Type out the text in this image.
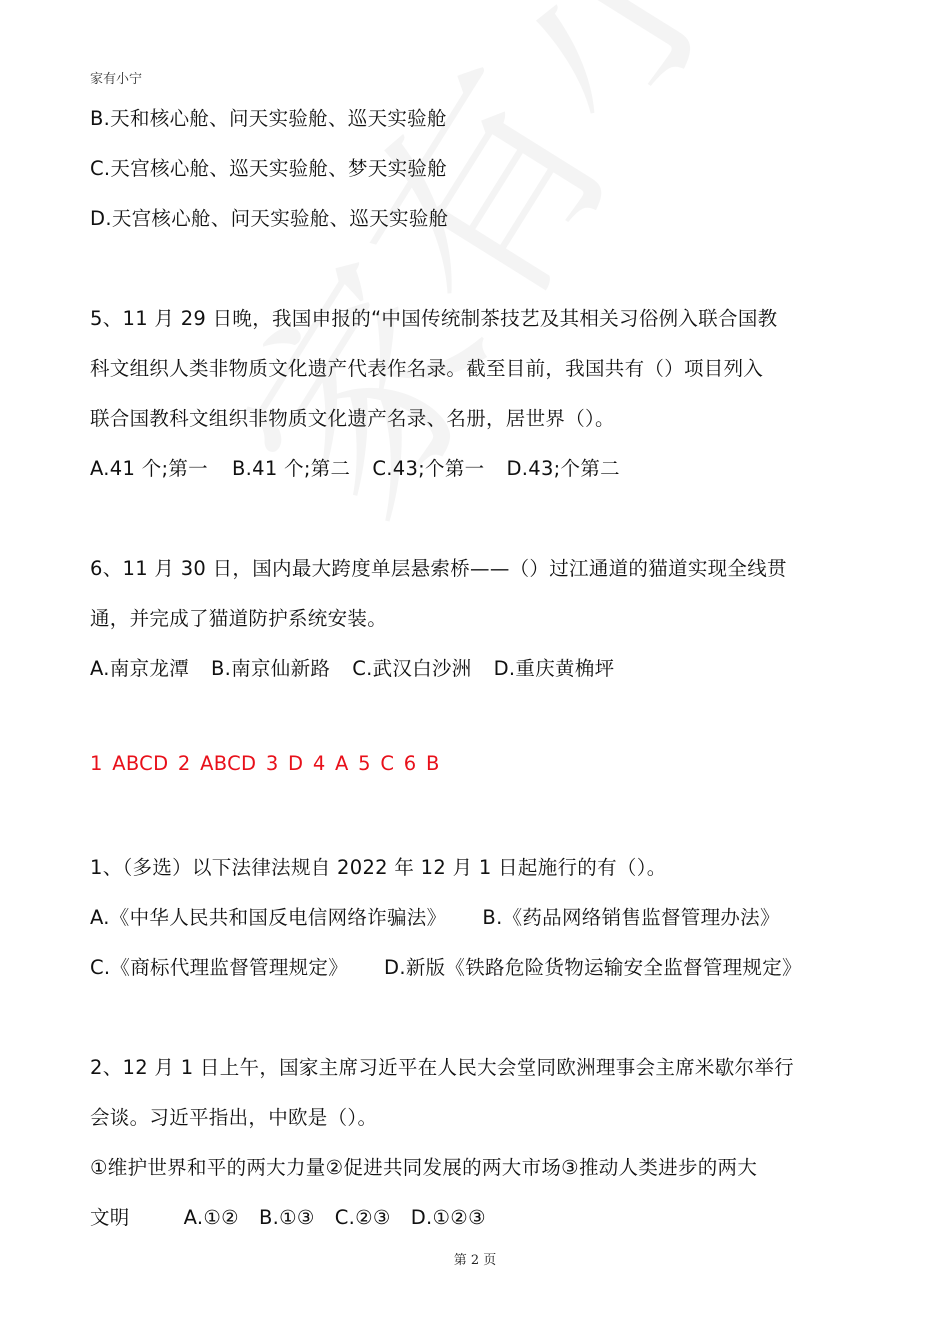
家有小宁
B.天和核心舱、问天实验舱、巡天实验舱
C.天宫核心舱、巡天实验舱、梦天实验舱
D.天宫核心舱、问天实验舱、巡天实验舱
5、11 月 29 日晚，我国申报的“中国传统制茶技艺及其相关习俗例入联合国教
科文组织人类非物质文化遗产代表作名录。截至目前，我国共有（）项目列入
联合国教科文组织非物质文化遗产名录、名册，居世界（）。
A.41 个;第一 B.41 个;第二 C.43;个第一 D.43;个第二
6、11 月 30 日，国内最大跨度单层悬索桥——（）过江通道的猫道实现全线贯
通，并完成了猫道防护系统安装。
A.南京龙潭 B.南京仙新路 C.武汉白沙洲 D.重庆黄桷坪
1 ABCD 2 ABCD 3 D 4 A 5 C 6 B
1、（多选）以下法律法规自 2022 年 12 月 1 日起施行的有（）。
A.《中华人民共和国反电信网络诈骗法》 B.《药品网络销售监督管理办法》
C.《商标代理监督管理规定》 D.新版《铁路危险货物运输安全监督管理规定》
2、12 月 1 日上午，国家主席习近平在人民大会堂同欧洲理事会主席米歇尔举行
会谈。习近平指出，中欧是（）。
①维护世界和平的两大力量②促进共同发展的两大市场③推动人类进步的两大
文明	A.①② B.①③ C.②③ D.①②③
第 2 页
